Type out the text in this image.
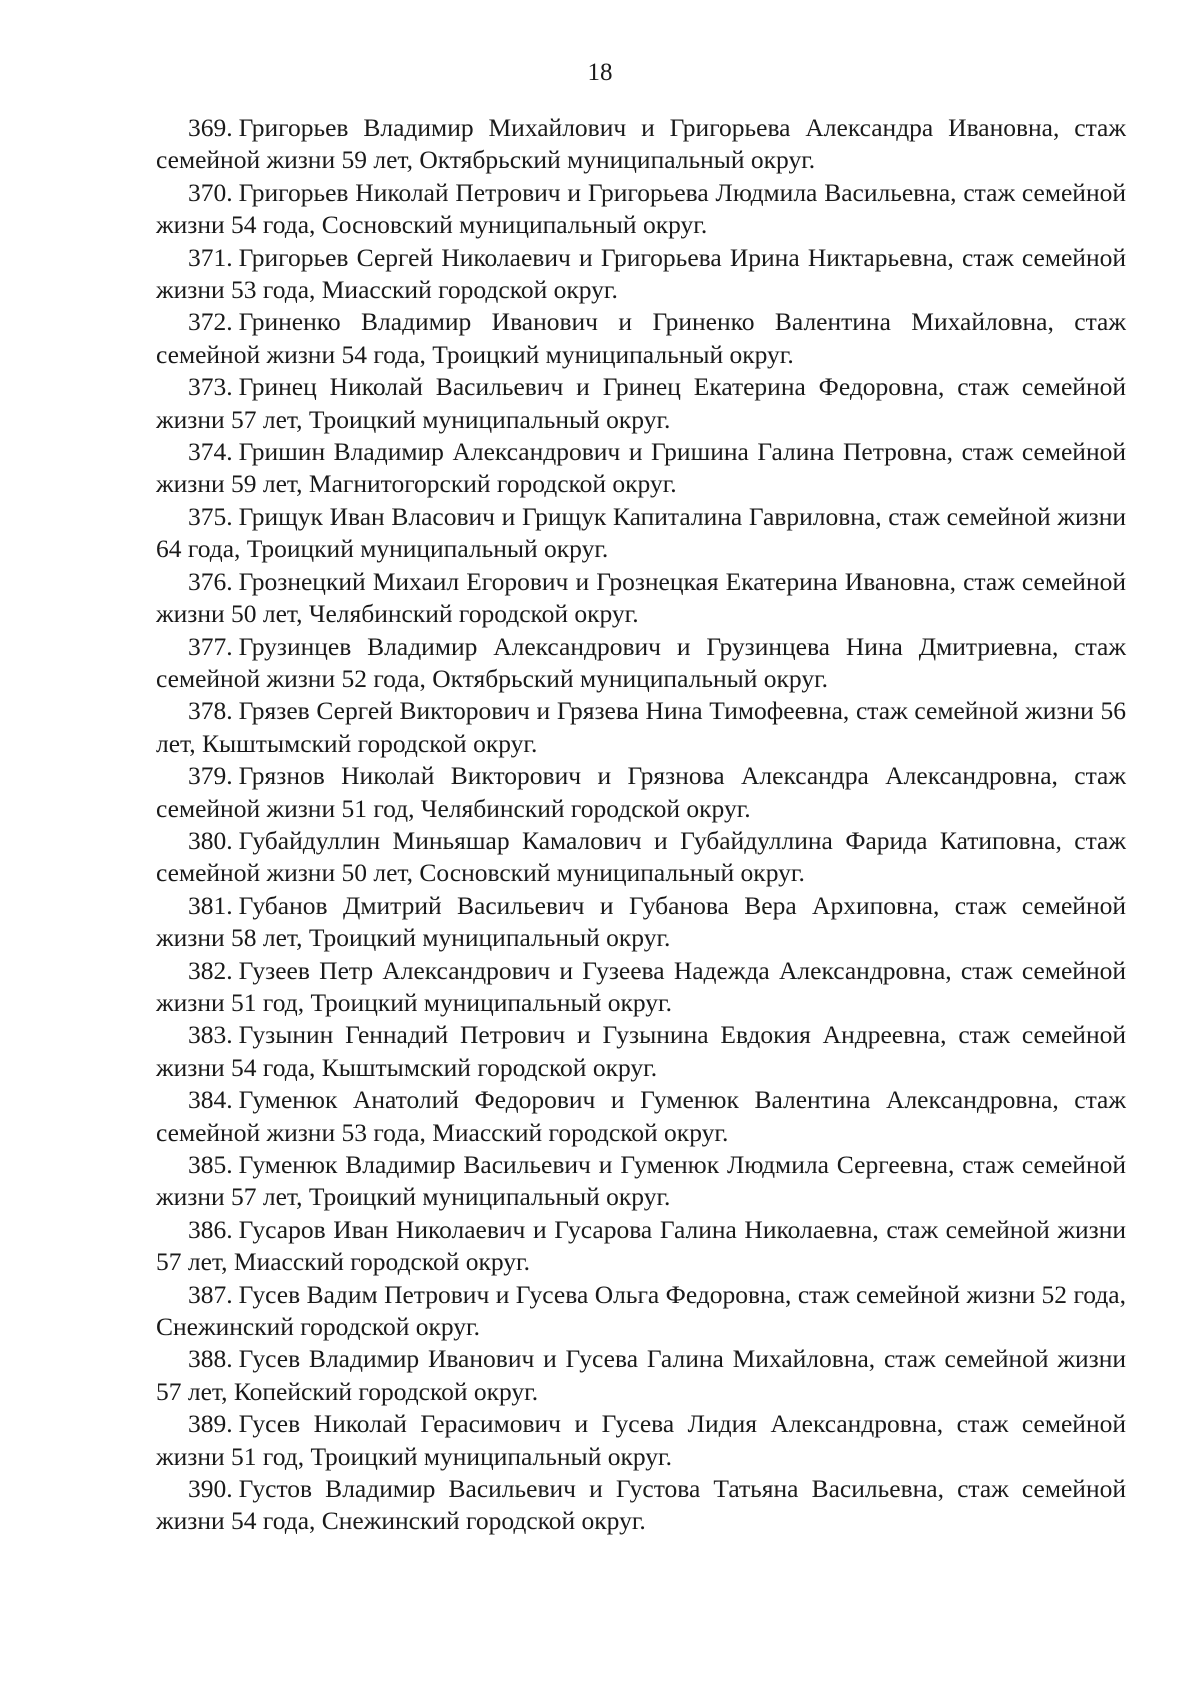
18

369. Григорьев Владимир Михайлович и Григорьева Александра Ивановна, стаж семейной жизни 59 лет, Октябрьский муниципальный округ.

370. Григорьев Николай Петрович и Григорьева Людмила Васильевна, стаж семейной жизни 54 года, Сосновский муниципальный округ.

371. Григорьев Сергей Николаевич и Григорьева Ирина Никтарьевна, стаж семейной жизни 53 года, Миасский городской округ.

372. Гриненко Владимир Иванович и Гриненко Валентина Михайловна, стаж семейной жизни 54 года, Троицкий муниципальный округ.

373. Гринец Николай Васильевич и Гринец Екатерина Федоровна, стаж семейной жизни 57 лет, Троицкий муниципальный округ.

374. Гришин Владимир Александрович и Гришина Галина Петровна, стаж семейной жизни 59 лет, Магнитогорский городской округ.

375. Грищук Иван Власович и Грищук Капиталина Гавриловна, стаж семейной жизни 64 года, Троицкий муниципальный округ.

376. Грознецкий Михаил Егорович и Грознецкая Екатерина Ивановна, стаж семейной жизни 50 лет, Челябинский городской округ.

377. Грузинцев Владимир Александрович и Грузинцева Нина Дмитриевна, стаж семейной жизни 52 года, Октябрьский муниципальный округ.

378. Грязев Сергей Викторович и Грязева Нина Тимофеевна, стаж семейной жизни 56 лет, Кыштымский городской округ.

379. Грязнов Николай Викторович и Грязнова Александра Александровна, стаж семейной жизни 51 год, Челябинский городской округ.

380. Губайдуллин Миньяшар Камалович и Губайдуллина Фарида Катиповна, стаж семейной жизни 50 лет, Сосновский муниципальный округ.

381. Губанов Дмитрий Васильевич и Губанова Вера Архиповна, стаж семейной жизни 58 лет, Троицкий муниципальный округ.

382. Гузеев Петр Александрович и Гузеева Надежда Александровна, стаж семейной жизни 51 год, Троицкий муниципальный округ.

383. Гузынин Геннадий Петрович и Гузынина Евдокия Андреевна, стаж семейной жизни 54 года, Кыштымский городской округ.

384. Гуменюк Анатолий Федорович и Гуменюк Валентина Александровна, стаж семейной жизни 53 года, Миасский городской округ.

385. Гуменюк Владимир Васильевич и Гуменюк Людмила Сергеевна, стаж семейной жизни 57 лет, Троицкий муниципальный округ.

386. Гусаров Иван Николаевич и Гусарова Галина Николаевна, стаж семейной жизни 57 лет, Миасский городской округ.

387. Гусев Вадим Петрович и Гусева Ольга Федоровна, стаж семейной жизни 52 года, Снежинский городской округ.

388. Гусев Владимир Иванович и Гусева Галина Михайловна, стаж семейной жизни 57 лет, Копейский городской округ.

389. Гусев Николай Герасимович и Гусева Лидия Александровна, стаж семейной жизни 51 год, Троицкий муниципальный округ.

390. Густов Владимир Васильевич и Густова Татьяна Васильевна, стаж семейной жизни 54 года, Снежинский городской округ.
